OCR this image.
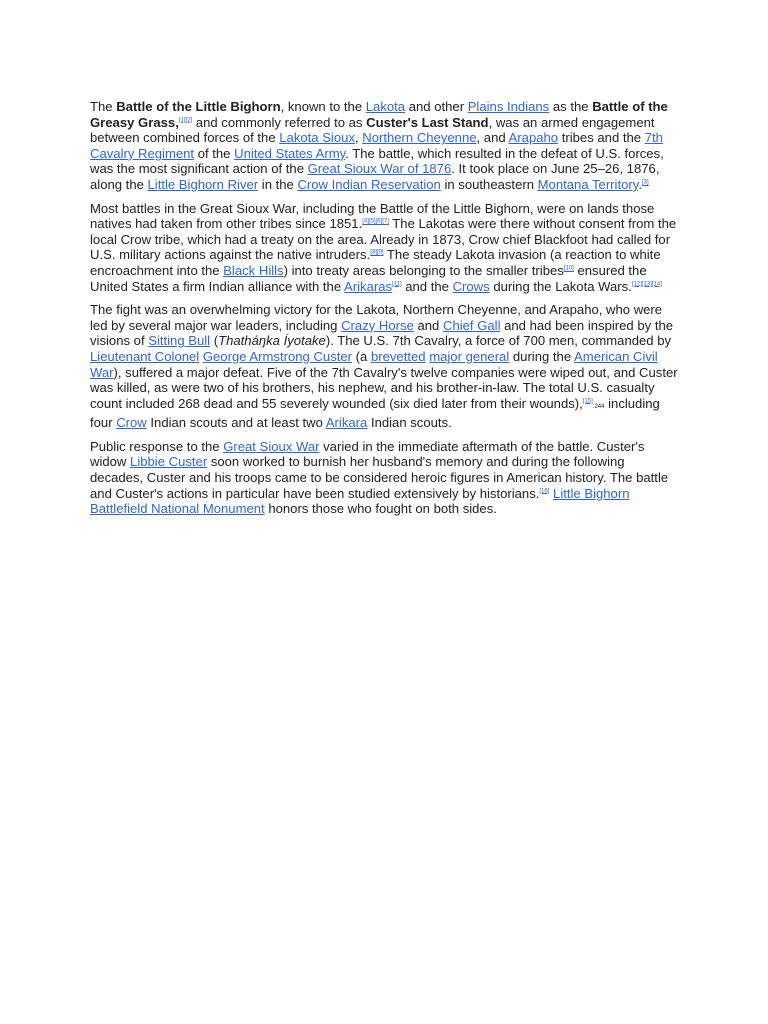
The Battle of the Little Bighorn, known to the Lakota and other Plains Indians as the Battle of the Greasy Grass,[1][2] and commonly referred to as Custer's Last Stand, was an armed engagement between combined forces of the Lakota Sioux, Northern Cheyenne, and Arapaho tribes and the 7th Cavalry Regiment of the United States Army. The battle, which resulted in the defeat of U.S. forces, was the most significant action of the Great Sioux War of 1876. It took place on June 25–26, 1876, along the Little Bighorn River in the Crow Indian Reservation in southeastern Montana Territory.[3]

Most battles in the Great Sioux War, including the Battle of the Little Bighorn, were on lands those natives had taken from other tribes since 1851.[4][5][6][7] The Lakotas were there without consent from the local Crow tribe, which had a treaty on the area. Already in 1873, Crow chief Blackfoot had called for U.S. military actions against the native intruders.[8][9] The steady Lakota invasion (a reaction to white encroachment into the Black Hills) into treaty areas belonging to the smaller tribes[10] ensured the United States a firm Indian alliance with the Arikaras[11] and the Crows during the Lakota Wars.[12][13][14]

The fight was an overwhelming victory for the Lakota, Northern Cheyenne, and Arapaho, who were led by several major war leaders, including Crazy Horse and Chief Gall and had been inspired by the visions of Sitting Bull (Thatháŋka Íyotake). The U.S. 7th Cavalry, a force of 700 men, commanded by Lieutenant Colonel George Armstrong Custer (a brevetted major general during the American Civil War), suffered a major defeat. Five of the 7th Cavalry's twelve companies were wiped out, and Custer was killed, as were two of his brothers, his nephew, and his brother-in-law. The total U.S. casualty count included 268 dead and 55 severely wounded (six died later from their wounds),[15]:244 including four Crow Indian scouts and at least two Arikara Indian scouts.

Public response to the Great Sioux War varied in the immediate aftermath of the battle. Custer's widow Libbie Custer soon worked to burnish her husband's memory and during the following decades, Custer and his troops came to be considered heroic figures in American history. The battle and Custer's actions in particular have been studied extensively by historians.[16] Little Bighorn Battlefield National Monument honors those who fought on both sides.
